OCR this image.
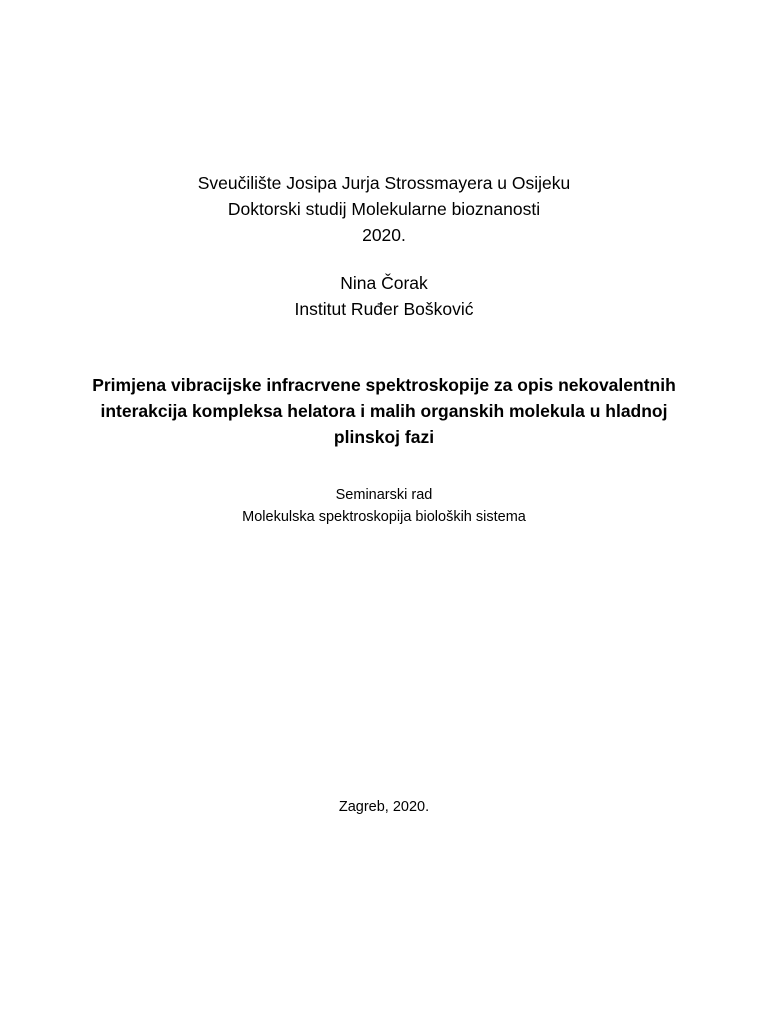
Sveučilište Josipa Jurja Strossmayera u Osijeku
Doktorski studij Molekularne bioznanosti
2020.
Nina Čorak
Institut Ruđer Bošković
Primjena vibracijske infracrvene spektroskopije za opis nekovalentnih
interakcija kompleksa helatora i malih organskih molekula u hladnoj
plinskoj fazi
Seminarski rad
Molekulska spektroskopija bioloških sistema
Zagreb, 2020.
